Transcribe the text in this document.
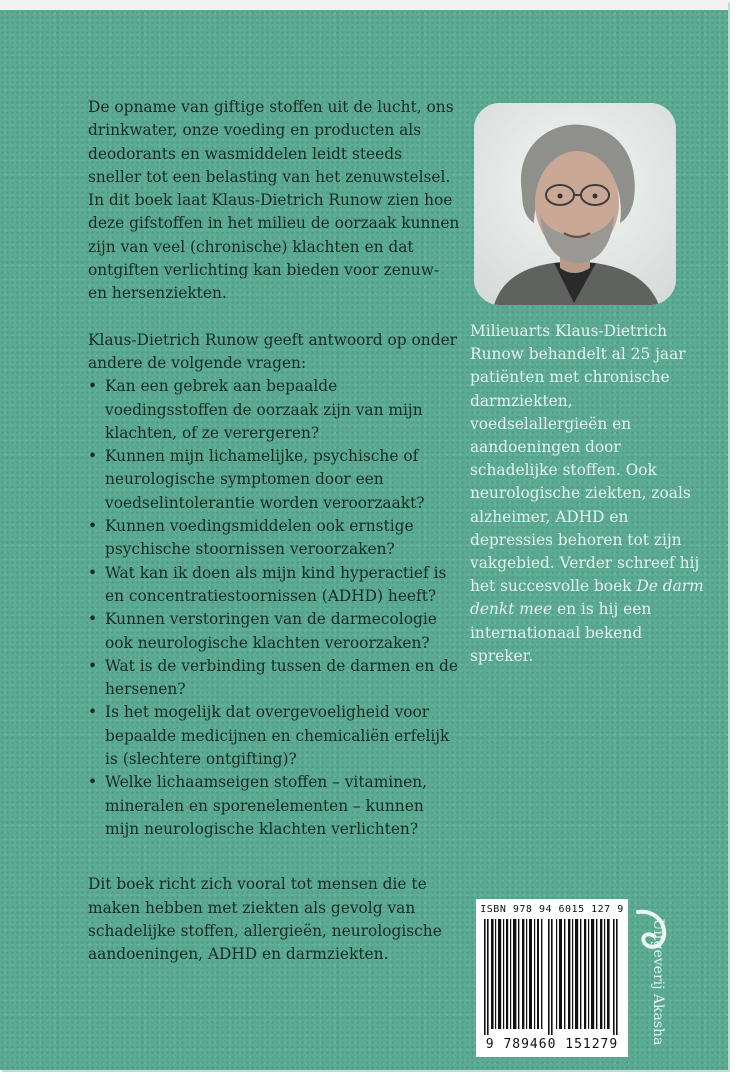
De opname van giftige stoffen uit de lucht, ons drinkwater, onze voeding en producten als deodorants en wasmiddelen leidt steeds sneller tot een belasting van het zenuwstelsel. In dit boek laat Klaus-Dietrich Runow zien hoe deze gifstoffen in het milieu de oorzaak kunnen zijn van veel (chronische) klachten en dat ontgiften verlichting kan bieden voor zenuw- en hersenziekten.

Klaus-Dietrich Runow geeft antwoord op onder andere de volgende vragen:

• Kan een gebrek aan bepaalde voedingsstoffen de oorzaak zijn van mijn klachten, of ze verergeren?
• Kunnen mijn lichamelijke, psychische of neurologische symptomen door een voedselintolerantie worden veroorzaakt?
• Kunnen voedingsmiddelen ook ernstige psychische stoornissen veroorzaken?
• Wat kan ik doen als mijn kind hyperactief is en concentratiestoornissen (ADHD) heeft?
• Kunnen verstoringen van de darmecologie ook neurologische klachten veroorzaken?
• Wat is de verbinding tussen de darmen en de hersenen?
• Is het mogelijk dat overgevoeligheid voor bepaalde medicijnen en chemicaliën erfelijk is (slechtere ontgifting)?
• Welke lichaamseigen stoffen – vitaminen, mineralen en sporenelementen – kunnen mijn neurologische klachten verlichten?

Dit boek richt zich vooral tot mensen die te maken hebben met ziekten als gevolg van schadelijke stoffen, allergieën, neurologische aandoeningen, ADHD en darmziekten.

Milieuarts Klaus-Dietrich Runow behandelt al 25 jaar patiënten met chronische darmziekten, voedselallergieën en aandoeningen door schadelijke stoffen. Ook neurologische ziekten, zoals alzheimer, ADHD en depressies behoren tot zijn vakgebied. Verder schreef hij het succesvolle boek De darm denkt mee en is hij een internationaal bekend spreker.

ISBN 978 94 6015 127 9
9 789460 151279	Uitgeverij Akasha
